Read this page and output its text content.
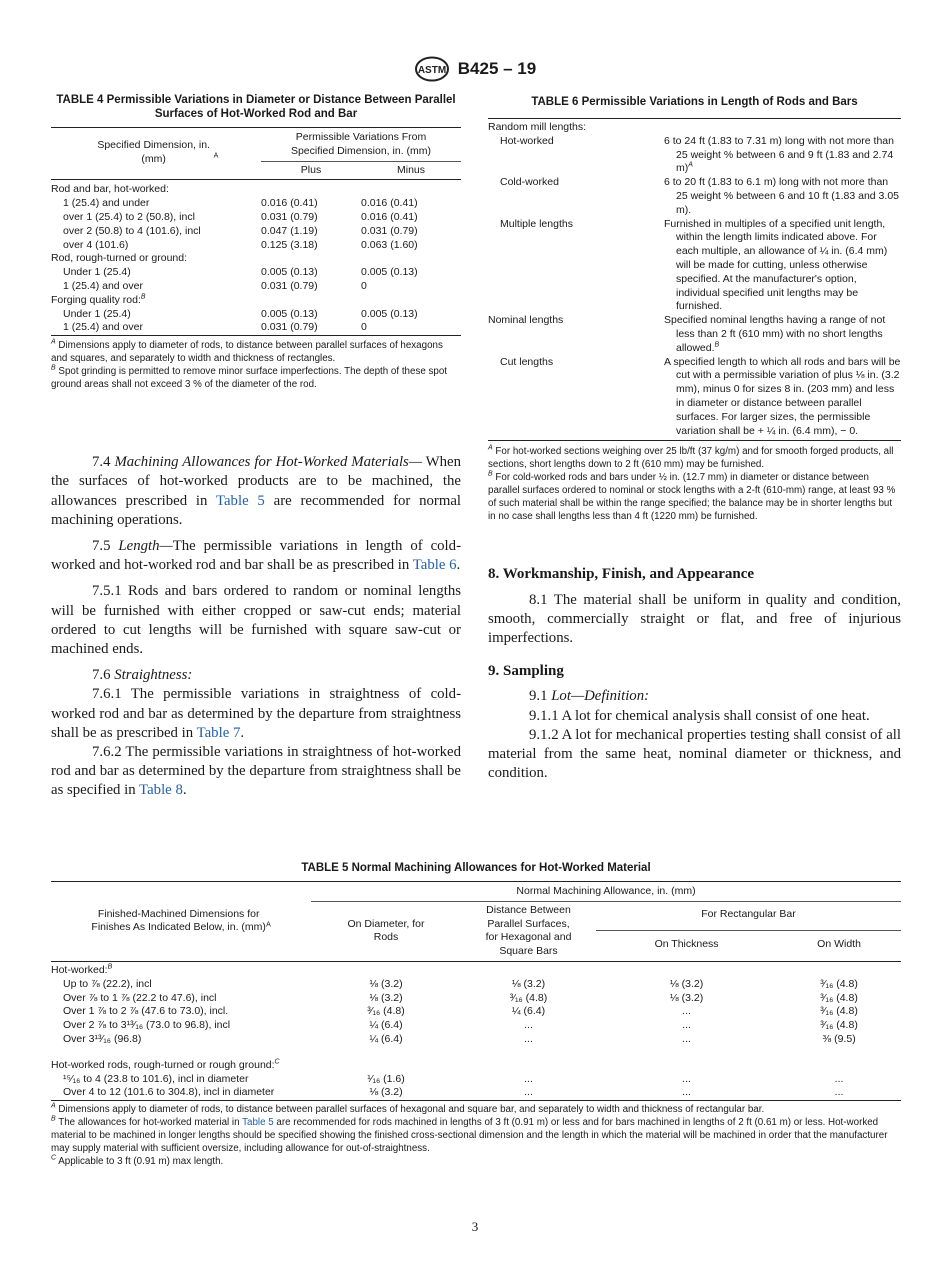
ASTM B425 – 19
TABLE 4 Permissible Variations in Diameter or Distance Between Parallel Surfaces of Hot-Worked Rod and Bar
Specified Dimension, in.(mm) $^A$	Permissible Variations From Specified Dimension, in. (mm)	
	Plus	Minus
Rod and bar, hot-worked:		
1 (25.4) and under	0.016 (0.41)	0.016 (0.41)
over 1 (25.4) to 2 (50.8), incl	0.031 (0.79)	0.016 (0.41)
over 2 (50.8) to 4 (101.6), incl	0.047 (1.19)	0.031 (0.79)
over 4 (101.6)	0.125 (3.18)	0.063 (1.60)
Rod, rough-turned or ground:		
Under 1 (25.4)	0.005 (0.13)	0.005 (0.13)
1 (25.4) and over	0.031 (0.79)	0
Forging quality rod:$^B$
Under 1 (25.4)	0.005 (0.13)	0.005 (0.13)
1 (25.4) and over	0.031 (0.79)	0
$^A$ Dimensions apply to diameter of rods, to distance between parallel surfaces of hexagons and squares, and separately to width and thickness of rectangles.
$^B$ Spot grinding is permitted to remove minor surface imperfections. The depth of these spot ground areas shall not exceed 3 % of the diameter of the rod.

7.4 Machining Allowances for Hot-Worked Materials— When the surfaces of hot-worked products are to be machined, the allowances prescribed in Table 5 are recommended for normal machining operations.

7.5 Length—The permissible variations in length of cold-worked and hot-worked rod and bar shall be as prescribed in Table 6.

7.5.1 Rods and bars ordered to random or nominal lengths will be furnished with either cropped or saw-cut ends; material ordered to cut lengths will be furnished with square saw-cut or machined ends.

7.6 Straightness:

7.6.1 The permissible variations in straightness of cold-worked rod and bar as determined by the departure from straightness shall be as prescribed in Table 7.

7.6.2 The permissible variations in straightness of hot-worked rod and bar as determined by the departure from straightness shall be as specified in Table 8.

TABLE 6 Permissible Variations in Length of Rods and Bars
Random mill lengths:	
Hot-worked	6 to 24 ft (1.83 to 7.31 m) long with not more than 25 weight % between 6 and 9 ft (1.83 and 2.74 m)$^A$

Cold-worked	6 to 20 ft (1.83 to 6.1 m) long with not more than 25 weight % between 6 and 10 ft (1.83 and 3.05 m).

Multiple lengths	Furnished in multiples of a specified unit length, within the length limits indicated above. For each multiple, an allowance of ¼ in. (6.4 mm) will be made for cutting, unless otherwise specified. At the manufacturer's option, individual specified unit lengths may be furnished.

Nominal lengths	Specified nominal lengths having a range of not less than 2 ft (610 mm) with no short lengths allowed.$^B$

Cut lengths	A specified length to which all rods and bars will be cut with a permissible variation of plus ⅛ in. (3.2 mm), minus 0 for sizes 8 in. (203 mm) and less in diameter or distance between parallel surfaces. For larger sizes, the permissible variation shall be + ¼ in. (6.4 mm), − 0.
$^A$ For hot-worked sections weighing over 25 lb/ft (37 kg/m) and for smooth forged products, all sections, short lengths down to 2 ft (610 mm) may be furnished.
$^B$ For cold-worked rods and bars under ½ in. (12.7 mm) in diameter or distance between parallel surfaces ordered to nominal or stock lengths with a 2-ft (610-mm) range, at least 93 % of such material shall be within the range specified; the balance may be in shorter lengths but in no case shall lengths less than 4 ft (1220 mm) be furnished.
8. Workmanship, Finish, and Appearance

8.1 The material shall be uniform in quality and condition, smooth, commercially straight or flat, and free of injurious imperfections.

9. Sampling

9.1 Lot—Definition:

9.1.1 A lot for chemical analysis shall consist of one heat.

9.1.2 A lot for mechanical properties testing shall consist of all material from the same heat, nominal diameter or thickness, and condition.

TABLE 5 Normal Machining Allowances for Hot-Worked Material
Finished-Machined Dimensions for Finishes As Indicated Below, in. (mm)$^A$	Normal Machining Allowance, in. (mm)			
	On Diameter, for Rods	Distance Between Parallel Surfaces, for Hexagonal and Square Bars	For Rectangular Bar	
			On Thickness	On Width
Hot-worked:$^B$
Up to ⅞ (22.2), incl	⅛ (3.2)	⅛ (3.2)	⅛ (3.2)	³⁄₁₆ (4.8)
Over ⅞ to 1 ⅞ (22.2 to 47.6), incl	⅛ (3.2)	³⁄₁₆ (4.8)	⅛ (3.2)	³⁄₁₆ (4.8)
Over 1 ⅞ to 2 ⅞ (47.6 to 73.0), incl.	³⁄₁₆ (4.8)	¼ (6.4)	...	³⁄₁₆ (4.8)
Over 2 ⅞ to 3¹³⁄₁₆ (73.0 to 96.8), incl	¼ (6.4)	...	...	³⁄₁₆ (4.8)
Over 3¹³⁄₁₆ (96.8)	¼ (6.4)	...	...	⅜ (9.5)
Hot-worked rods, rough-turned or rough ground:$^C$
¹⁵⁄₁₆ to 4 (23.8 to 101.6), incl in diameter	¹⁄₁₆ (1.6)	...	...	...
Over 4 to 12 (101.6 to 304.8), incl in diameter	⅛ (3.2)	...	...	...
$^A$ Dimensions apply to diameter of rods, to distance between parallel surfaces of hexagonal and square bar, and separately to width and thickness of rectangular bar.
$^B$ The allowances for hot-worked material in Table 5 are recommended for rods machined in lengths of 3 ft (0.91 m) or less and for bars machined in lengths of 2 ft (0.61 m) or less. Hot-worked material to be machined in longer lengths should be specified showing the finished cross-sectional dimension and the length in which the material will be machined in order that the manufacturer may supply material with sufficient oversize, including allowance for out-of-straightness.
$^C$ Applicable to 3 ft (0.91 m) max length.
3
